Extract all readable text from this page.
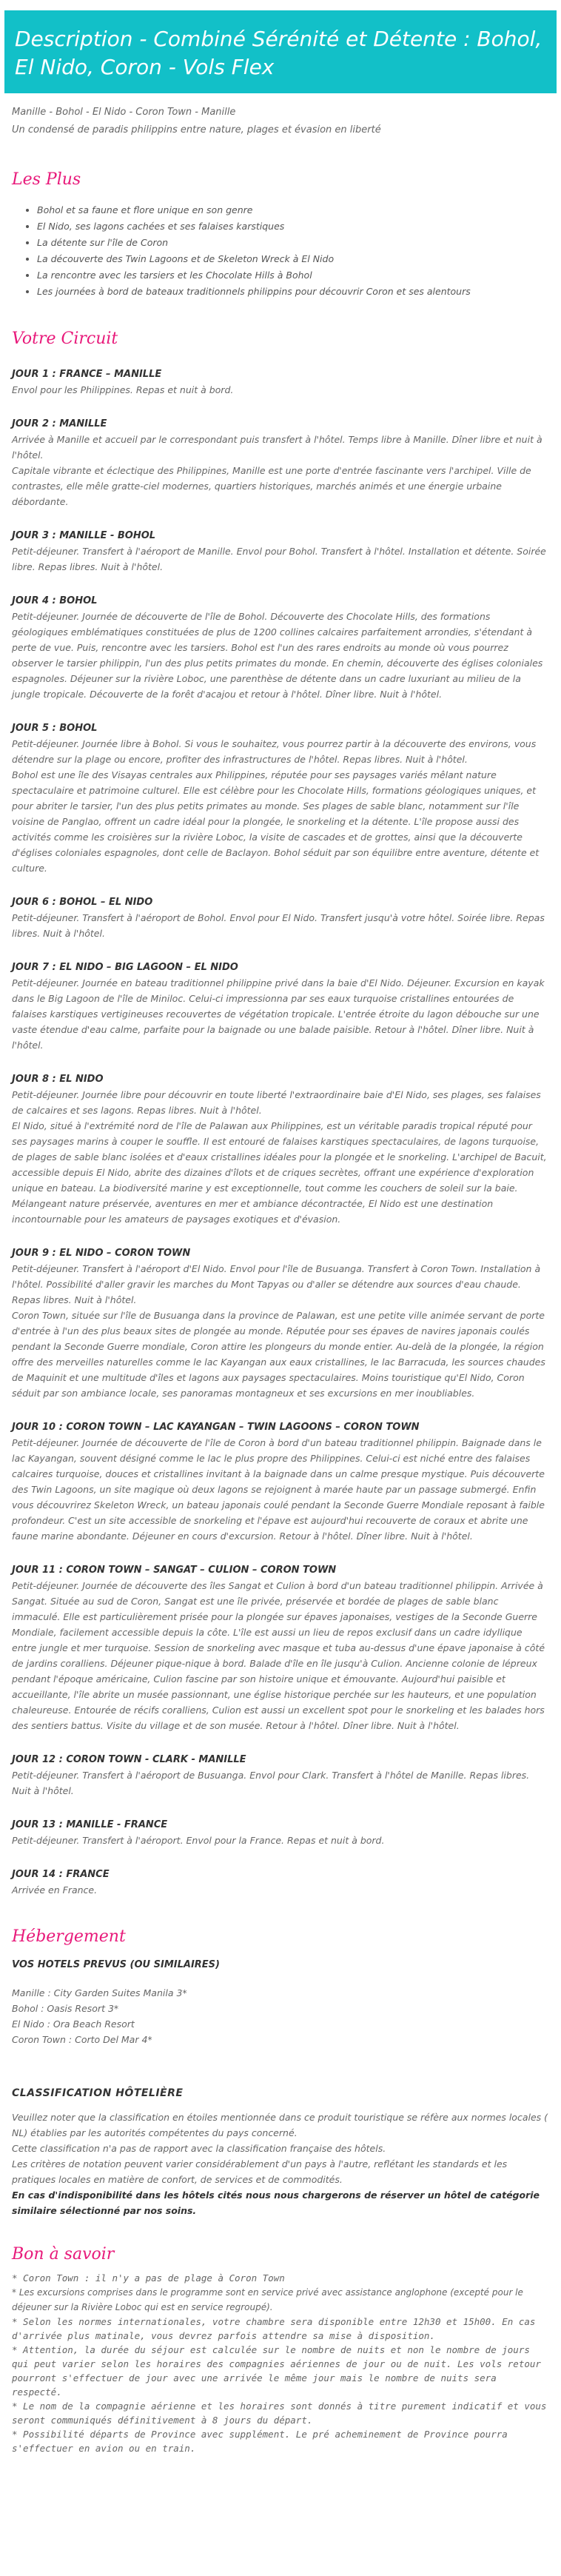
Description - Combiné Sérénité et Détente : Bohol, El Nido, Coron - Vols Flex

Manille - Bohol - El Nido - Coron Town - Manille

Un condensé de paradis philippins entre nature, plages et évasion en liberté

Les Plus
• Bohol et sa faune et flore unique en son genre
• El Nido, ses lagons cachées et ses falaises karstiques
• La détente sur l'île de Coron
• La découverte des Twin Lagoons et de Skeleton Wreck à El Nido
• La rencontre avec les tarsiers et les Chocolate Hills à Bohol
• Les journées à bord de bateaux traditionnels philippins pour découvrir Coron et ses alentours
Votre Circuit
JOUR 1 : FRANCE – MANILLE

Envol pour les Philippines. Repas et nuit à bord.

JOUR 2 : MANILLE

Arrivée à Manille et accueil par le correspondant puis transfert à l'hôtel. Temps libre à Manille. Dîner libre et nuit à l'hôtel.

Capitale vibrante et éclectique des Philippines, Manille est une porte d'entrée fascinante vers l'archipel. Ville de contrastes, elle mêle gratte-ciel modernes, quartiers historiques, marchés animés et une énergie urbaine débordante.

JOUR 3 : MANILLE - BOHOL

Petit-déjeuner. Transfert à l'aéroport de Manille. Envol pour Bohol. Transfert à l'hôtel. Installation et détente. Soirée libre. Repas libres. Nuit à l'hôtel.

JOUR 4 : BOHOL

Petit-déjeuner. Journée de découverte de l'île de Bohol. Découverte des Chocolate Hills, des formations géologiques emblématiques constituées de plus de 1200 collines calcaires parfaitement arrondies, s'étendant à perte de vue. Puis, rencontre avec les tarsiers. Bohol est l'un des rares endroits au monde où vous pourrez observer le tarsier philippin, l'un des plus petits primates du monde. En chemin, découverte des églises coloniales espagnoles. Déjeuner sur la rivière Loboc, une parenthèse de détente dans un cadre luxuriant au milieu de la jungle tropicale. Découverte de la forêt d'acajou et retour à l'hôtel. Dîner libre. Nuit à l'hôtel.

JOUR 5 : BOHOL

Petit-déjeuner. Journée libre à Bohol. Si vous le souhaitez, vous pourrez partir à la découverte des environs, vous détendre sur la plage ou encore, profiter des infrastructures de l'hôtel. Repas libres. Nuit à l'hôtel.

Bohol est une île des Visayas centrales aux Philippines, réputée pour ses paysages variés mêlant nature spectaculaire et patrimoine culturel. Elle est célèbre pour les Chocolate Hills, formations géologiques uniques, et pour abriter le tarsier, l'un des plus petits primates au monde. Ses plages de sable blanc, notamment sur l'île voisine de Panglao, offrent un cadre idéal pour la plongée, le snorkeling et la détente. L'île propose aussi des activités comme les croisières sur la rivière Loboc, la visite de cascades et de grottes, ainsi que la découverte d'églises coloniales espagnoles, dont celle de Baclayon. Bohol séduit par son équilibre entre aventure, détente et culture.

JOUR 6 : BOHOL – EL NIDO

Petit-déjeuner. Transfert à l'aéroport de Bohol. Envol pour El Nido. Transfert jusqu'à votre hôtel. Soirée libre. Repas libres. Nuit à l'hôtel.

JOUR 7 : EL NIDO – BIG LAGOON – EL NIDO

Petit-déjeuner. Journée en bateau traditionnel philippine privé dans la baie d'El Nido. Déjeuner. Excursion en kayak dans le Big Lagoon de l'île de Miniloc. Celui-ci impressionna par ses eaux turquoise cristallines entourées de falaises karstiques vertigineuses recouvertes de végétation tropicale. L'entrée étroite du lagon débouche sur une vaste étendue d'eau calme, parfaite pour la baignade ou une balade paisible. Retour à l'hôtel. Dîner libre. Nuit à l'hôtel.

JOUR 8 : EL NIDO

Petit-déjeuner. Journée libre pour découvrir en toute liberté l'extraordinaire baie d'El Nido, ses plages, ses falaises de calcaires et ses lagons. Repas libres. Nuit à l'hôtel.

El Nido, situé à l'extrémité nord de l'île de Palawan aux Philippines, est un véritable paradis tropical réputé pour ses paysages marins à couper le souffle. Il est entouré de falaises karstiques spectaculaires, de lagons turquoise, de plages de sable blanc isolées et d'eaux cristallines idéales pour la plongée et le snorkeling. L'archipel de Bacuit, accessible depuis El Nido, abrite des dizaines d'îlots et de criques secrètes, offrant une expérience d'exploration unique en bateau. La biodiversité marine y est exceptionnelle, tout comme les couchers de soleil sur la baie. Mélangeant nature préservée, aventures en mer et ambiance décontractée, El Nido est une destination incontournable pour les amateurs de paysages exotiques et d'évasion.

JOUR 9 : EL NIDO – CORON TOWN

Petit-déjeuner. Transfert à l'aéroport d'El Nido. Envol pour l'île de Busuanga. Transfert à Coron Town. Installation à l'hôtel. Possibilité d'aller gravir les marches du Mont Tapyas ou d'aller se détendre aux sources d'eau chaude. Repas libres. Nuit à l'hôtel.

Coron Town, située sur l'île de Busuanga dans la province de Palawan, est une petite ville animée servant de porte d'entrée à l'un des plus beaux sites de plongée au monde. Réputée pour ses épaves de navires japonais coulés pendant la Seconde Guerre mondiale, Coron attire les plongeurs du monde entier. Au-delà de la plongée, la région offre des merveilles naturelles comme le lac Kayangan aux eaux cristallines, le lac Barracuda, les sources chaudes de Maquinit et une multitude d'îles et lagons aux paysages spectaculaires. Moins touristique qu'El Nido, Coron séduit par son ambiance locale, ses panoramas montagneux et ses excursions en mer inoubliables.

JOUR 10 : CORON TOWN – LAC KAYANGAN – TWIN LAGOONS – CORON TOWN

Petit-déjeuner. Journée de découverte de l'île de Coron à bord d'un bateau traditionnel philippin. Baignade dans le lac Kayangan, souvent désigné comme le lac le plus propre des Philippines. Celui-ci est niché entre des falaises calcaires turquoise, douces et cristallines invitant à la baignade dans un calme presque mystique. Puis découverte des Twin Lagoons, un site magique où deux lagons se rejoignent à marée haute par un passage submergé. Enfin vous découvrirez Skeleton Wreck, un bateau japonais coulé pendant la Seconde Guerre Mondiale reposant à faible profondeur. C'est un site accessible de snorkeling et l'épave est aujourd'hui recouverte de coraux et abrite une faune marine abondante. Déjeuner en cours d'excursion. Retour à l'hôtel. Dîner libre. Nuit à l'hôtel.

JOUR 11 : CORON TOWN – SANGAT – CULION – CORON TOWN

Petit-déjeuner. Journée de découverte des îles Sangat et Culion à bord d'un bateau traditionnel philippin. Arrivée à Sangat. Située au sud de Coron, Sangat est une île privée, préservée et bordée de plages de sable blanc immaculé. Elle est particulièrement prisée pour la plongée sur épaves japonaises, vestiges de la Seconde Guerre Mondiale, facilement accessible depuis la côte. L'île est aussi un lieu de repos exclusif dans un cadre idyllique entre jungle et mer turquoise. Session de snorkeling avec masque et tuba au-dessus d'une épave japonaise à côté de jardins coralliens. Déjeuner pique-nique à bord. Balade d'île en île jusqu'à Culion. Ancienne colonie de lépreux pendant l'époque américaine, Culion fascine par son histoire unique et émouvante. Aujourd'hui paisible et accueillante, l'île abrite un musée passionnant, une église historique perchée sur les hauteurs, et une population chaleureuse. Entourée de récifs coralliens, Culion est aussi un excellent spot pour le snorkeling et les balades hors des sentiers battus. Visite du village et de son musée. Retour à l'hôtel. Dîner libre. Nuit à l'hôtel.

JOUR 12 : CORON TOWN - CLARK - MANILLE

Petit-déjeuner. Transfert à l'aéroport de Busuanga. Envol pour Clark. Transfert à l'hôtel de Manille. Repas libres. Nuit à l'hôtel.

JOUR 13 : MANILLE - FRANCE

Petit-déjeuner. Transfert à l'aéroport. Envol pour la France. Repas et nuit à bord.

JOUR 14 : FRANCE

Arrivée en France.

Hébergement

VOS HOTELS PREVUS (OU SIMILAIRES)

Manille : City Garden Suites Manila 3*

Bohol : Oasis Resort 3*

El Nido : Ora Beach Resort

Coron Town : Corto Del Mar 4*

CLASSIFICATION HÔTELIÈRE

Veuillez noter que la classification en étoiles mentionnée dans ce produit touristique se réfère aux normes locales ( NL) établies par les autorités compétentes du pays concerné.

Cette classification n'a pas de rapport avec la classification française des hôtels.

Les critères de notation peuvent varier considérablement d'un pays à l'autre, reflétant les standards et les pratiques locales en matière de confort, de services et de commodités.

En cas d'indisponibilité dans les hôtels cités nous nous chargerons de réserver un hôtel de catégorie similaire sélectionné par nos soins.

Bon à savoir

* Coron Town : il n'y a pas de plage à Coron Town

* Les excursions comprises dans le programme sont en service privé avec assistance anglophone (excepté pour le déjeuner sur la Rivière Loboc qui est en service regroupé).

* Selon les normes internationales, votre chambre sera disponible entre 12h30 et 15h00. En cas d'arrivée plus matinale, vous devrez parfois attendre sa mise à disposition.

* Attention, la durée du séjour est calculée sur le nombre de nuits et non le nombre de jours qui peut varier selon les horaires des compagnies aériennes de jour ou de nuit. Les vols retour pourront s'effectuer de jour avec une arrivée le même jour mais le nombre de nuits sera respecté.

* Le nom de la compagnie aérienne et les horaires sont donnés à titre purement indicatif et vous seront communiqués définitivement à 8 jours du départ.

* Possibilité départs de Province avec supplément. Le pré acheminement de Province pourra s'effectuer en avion ou en train.
